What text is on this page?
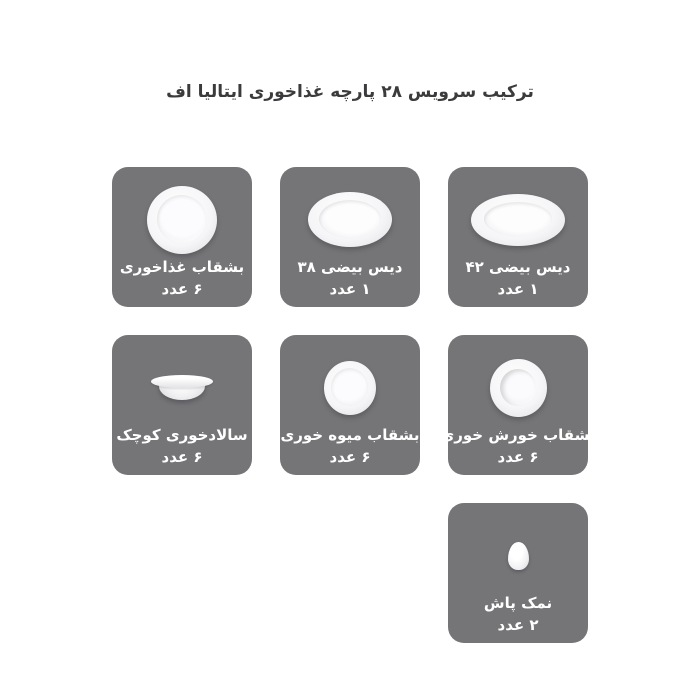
ترکیب سرویس ۲۸ پارچه غذاخوری ایتالیا اف
بشقاب غذاخوری
۶ عدد
دیس بیضی ۳۸
۱ عدد
دیس بیضی ۴۲
۱ عدد
سالادخوری کوچک
۶ عدد
بشقاب میوه خوری
۶ عدد
بشقاب خورش خوری
۶ عدد
نمک پاش
۲ عدد
